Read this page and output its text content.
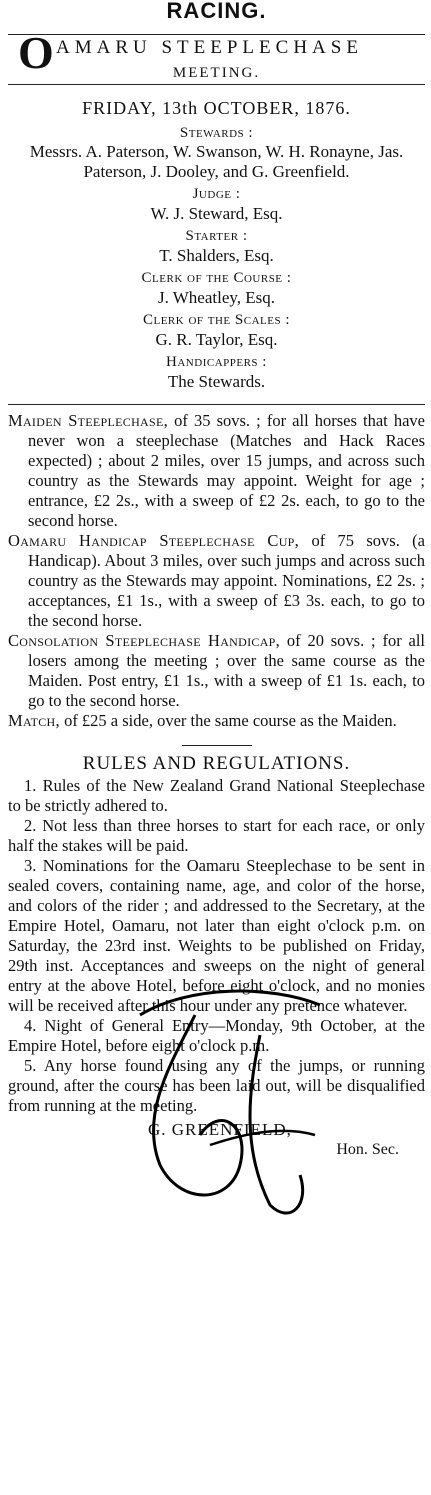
RACING.
O AMARU STEEPLECHASE
MEETING.
FRIDAY, 13th OCTOBER, 1876.
Stewards :
Messrs. A. Paterson, W. Swanson, W. H. Ronayne, Jas. Paterson, J. Dooley, and G. Greenfield.
Judge :
W. J. Steward, Esq.
Starter :
T. Shalders, Esq.
Clerk of the Course :
J. Wheatley, Esq.
Clerk of the Scales :
G. R. Taylor, Esq.
Handicappers :
The Stewards.

Maiden Steeplechase, of 35 sovs. ; for all horses that have never won a steeplechase (Matches and Hack Races expected) ; about 2 miles, over 15 jumps, and across such country as the Stewards may appoint. Weight for age ; entrance, £2 2s., with a sweep of £2 2s. each, to go to the second horse.

Oamaru Handicap Steeplechase Cup, of 75 sovs. (a Handicap). About 3 miles, over such jumps and across such country as the Stewards may appoint. Nominations, £2 2s. ; acceptances, £1 1s., with a sweep of £3 3s. each, to go to the second horse.

Consolation Steeplechase Handicap, of 20 sovs. ; for all losers among the meeting ; over the same course as the Maiden. Post entry, £1 1s., with a sweep of £1 1s. each, to go to the second horse.

Match, of £25 a side, over the same course as the Maiden.

RULES AND REGULATIONS.

1. Rules of the New Zealand Grand National Steeplechase to be strictly adhered to.

2. Not less than three horses to start for each race, or only half the stakes will be paid.

3. Nominations for the Oamaru Steeplechase to be sent in sealed covers, containing name, age, and color of the horse, and colors of the rider ; and addressed to the Secretary, at the Empire Hotel, Oamaru, not later than eight o'clock p.m. on Saturday, the 23rd inst. Weights to be published on Friday, 29th inst. Acceptances and sweeps on the night of general entry at the above Hotel, before eight o'clock, and no monies will be received after this hour under any pretence whatever.

4. Night of General Entry—Monday, 9th October, at the Empire Hotel, before eight o'clock p.m.

5. Any horse found using any of the jumps, or running ground, after the course has been laid out, will be disqualified from running at the meeting.

G. GREENFIELD,
Hon. Sec.
